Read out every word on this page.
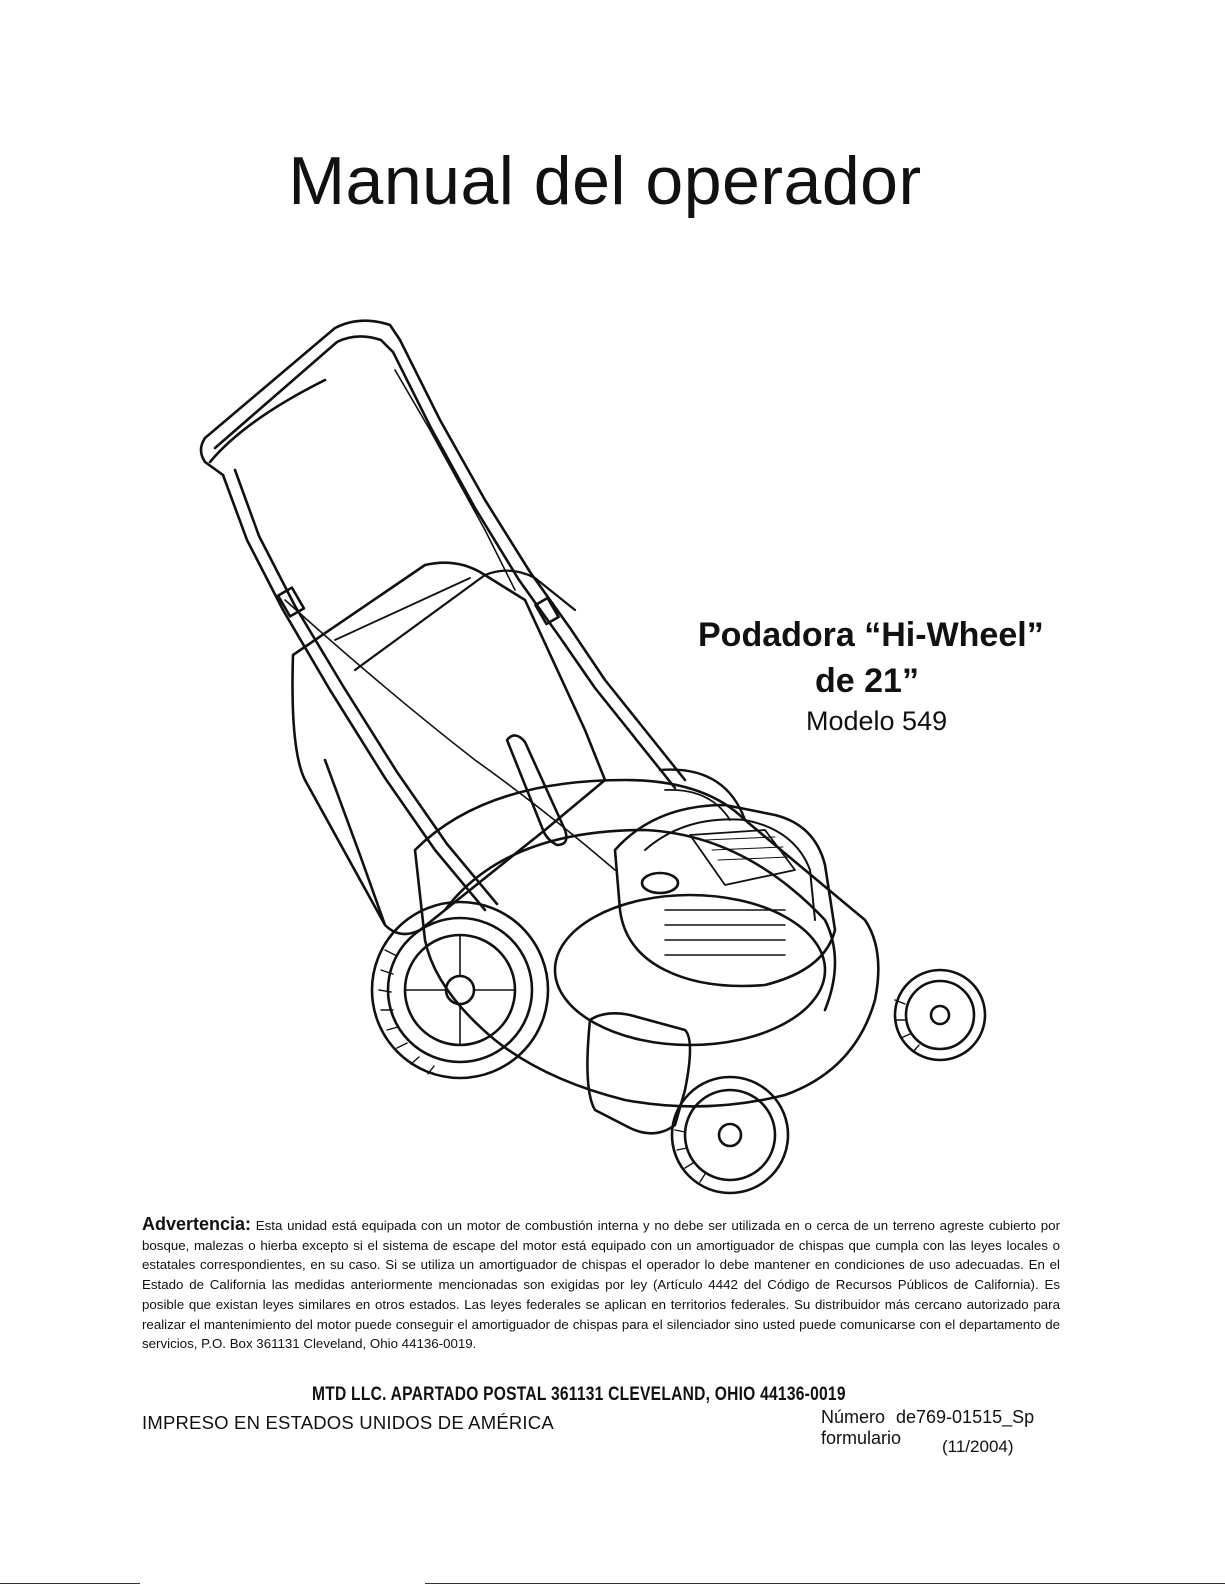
Manual del operador
Podadora “Hi-Wheel”
de 21”
Modelo 549

Advertencia: Esta unidad está equipada con un motor de combustión interna y no debe ser utilizada en o cerca de un terreno agreste cubierto por bosque, malezas o hierba excepto si el sistema de escape del motor está equipado con un amortiguador de chispas que cumpla con las leyes locales o estatales correspondientes, en su caso. Si se utiliza un amortiguador de chispas el operador lo debe mantener en condiciones de uso adecuadas. En el Estado de California las medidas anteriormente mencionadas son exigidas por ley (Artículo 4442 del Código de Recursos Públicos de California). Es posible que existan leyes similares en otros estados. Las leyes federales se aplican en territorios federales. Su distribuidor más cercano autorizado para realizar el mantenimiento del motor puede conseguir el amortiguador de chispas para el silenciador sino usted puede comunicarse con el departamento de servicios, P.O. Box 361131 Cleveland, Ohio 44136-0019.

MTD LLC. APARTADO POSTAL 361131 CLEVELAND, OHIO 44136-0019
IMPRESO EN ESTADOS UNIDOS DE AMÉRICA	Número de769-01515_Sp
formulario (11/2004)
